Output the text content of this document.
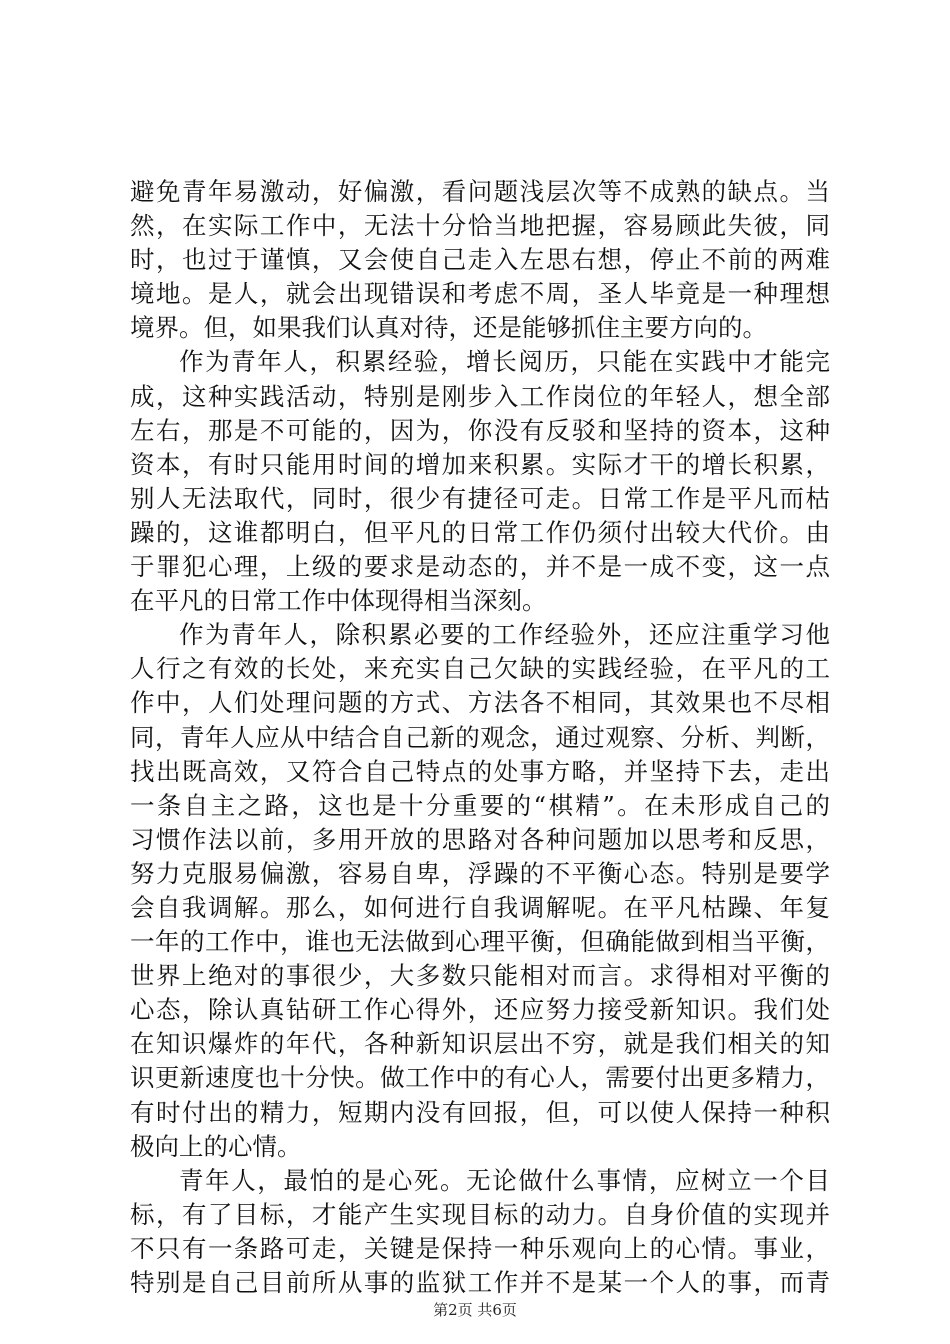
避免青年易激动，好偏激，看问题浅层次等不成熟的缺点。当
然，在实际工作中，无法十分恰当地把握，容易顾此失彼，同
时，也过于谨慎，又会使自己走入左思右想，停止不前的两难
境地。是人，就会出现错误和考虑不周，圣人毕竟是一种理想
境界。但，如果我们认真对待，还是能够抓住主要方向的。
作为青年人，积累经验，增长阅历，只能在实践中才能完
成，这种实践活动，特别是刚步入工作岗位的年轻人，想全部
左右，那是不可能的，因为，你没有反驳和坚持的资本，这种
资本，有时只能用时间的增加来积累。实际才干的增长积累，
别人无法取代，同时，很少有捷径可走。日常工作是平凡而枯
躁的，这谁都明白，但平凡的日常工作仍须付出较大代价。由
于罪犯心理，上级的要求是动态的，并不是一成不变，这一点
在平凡的日常工作中体现得相当深刻。
作为青年人，除积累必要的工作经验外，还应注重学习他
人行之有效的长处，来充实自己欠缺的实践经验，在平凡的工
作中，人们处理问题的方式、方法各不相同，其效果也不尽相
同，青年人应从中结合自己新的观念，通过观察、分析、判断，
找出既高效，又符合自己特点的处事方略，并坚持下去，走出
一条自主之路，这也是十分重要的“棋精”。在未形成自己的
习惯作法以前，多用开放的思路对各种问题加以思考和反思，
努力克服易偏激，容易自卑，浮躁的不平衡心态。特别是要学
会自我调解。那么，如何进行自我调解呢。在平凡枯躁、年复
一年的工作中，谁也无法做到心理平衡，但确能做到相当平衡，
世界上绝对的事很少，大多数只能相对而言。求得相对平衡的
心态，除认真钻研工作心得外，还应努力接受新知识。我们处
在知识爆炸的年代，各种新知识层出不穷，就是我们相关的知
识更新速度也十分快。做工作中的有心人，需要付出更多精力，
有时付出的精力，短期内没有回报，但，可以使人保持一种积
极向上的心情。
青年人，最怕的是心死。无论做什么事情，应树立一个目
标，有了目标，才能产生实现目标的动力。自身价值的实现并
不只有一条路可走，关键是保持一种乐观向上的心情。事业，
特别是自己目前所从事的监狱工作并不是某一个人的事，而青
第2页 共6页
